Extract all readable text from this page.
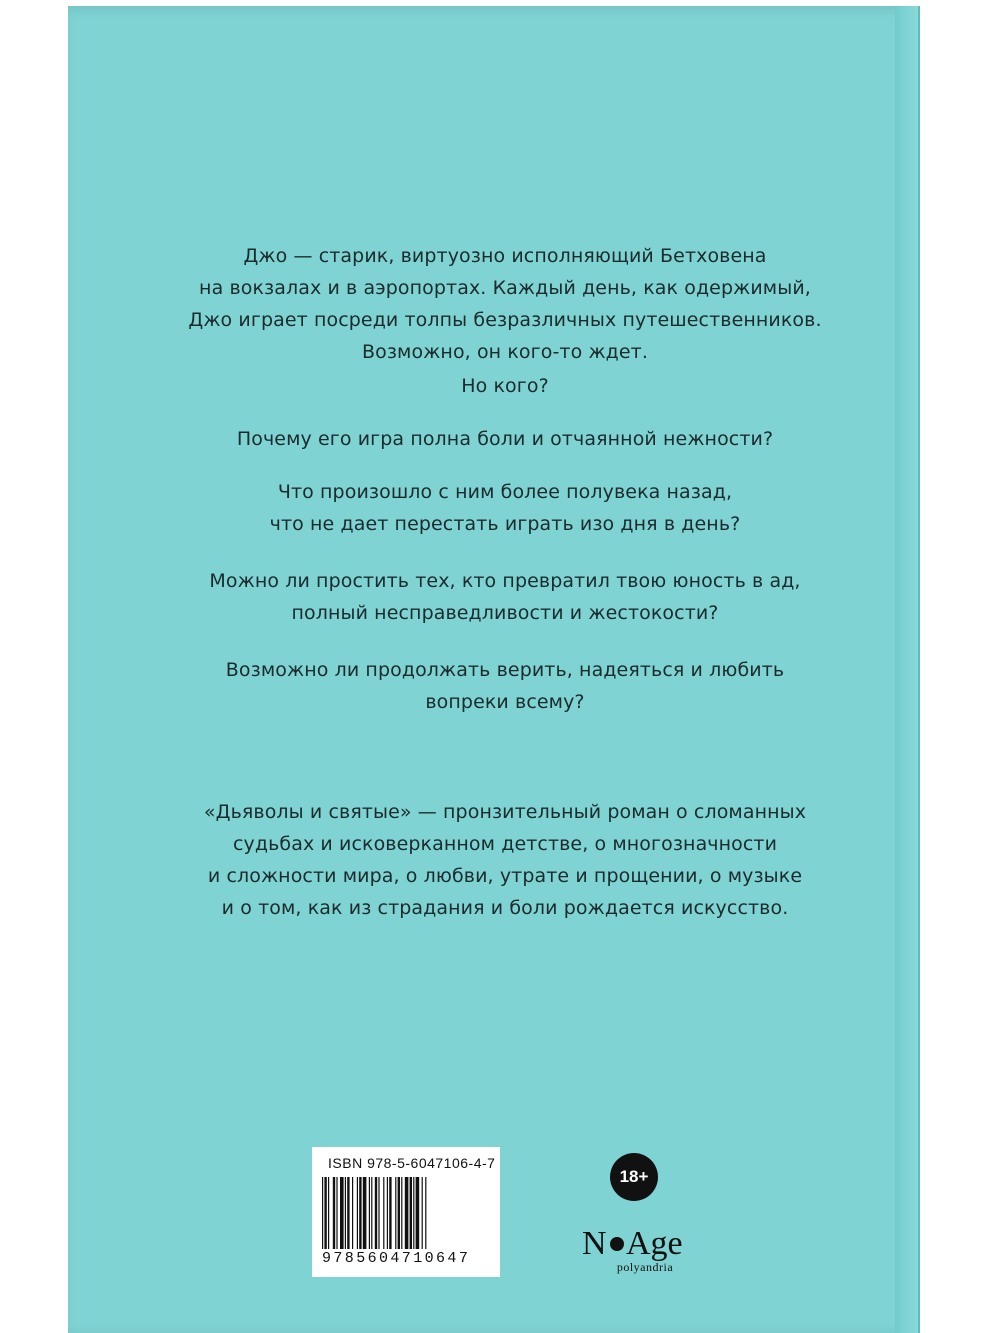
Джо — старик, виртуозно исполняющий Бетховена
на вокзалах и в аэропортах. Каждый день, как одержимый,
Джо играет посреди толпы безразличных путешественников.
Возможно, он кого-то ждет.
Но кого?
Почему его игра полна боли и отчаянной нежности?
Что произошло с ним более полувека назад,
что не дает перестать играть изо дня в день?
Можно ли простить тех, кто превратил твою юность в ад,
полный несправедливости и жестокости?
Возможно ли продолжать верить, надеяться и любить
вопреки всему?
«Дьяволы и святые» — пронзительный роман о сломанных
судьбах и исковерканном детстве, о многозначности
и сложности мира, о любви, утрате и прощении, о музыке
и о том, как из страдания и боли рождается искусство.
ISBN 978-5-6047106-4-7
9785604710647
18+
N Age
polyandria
